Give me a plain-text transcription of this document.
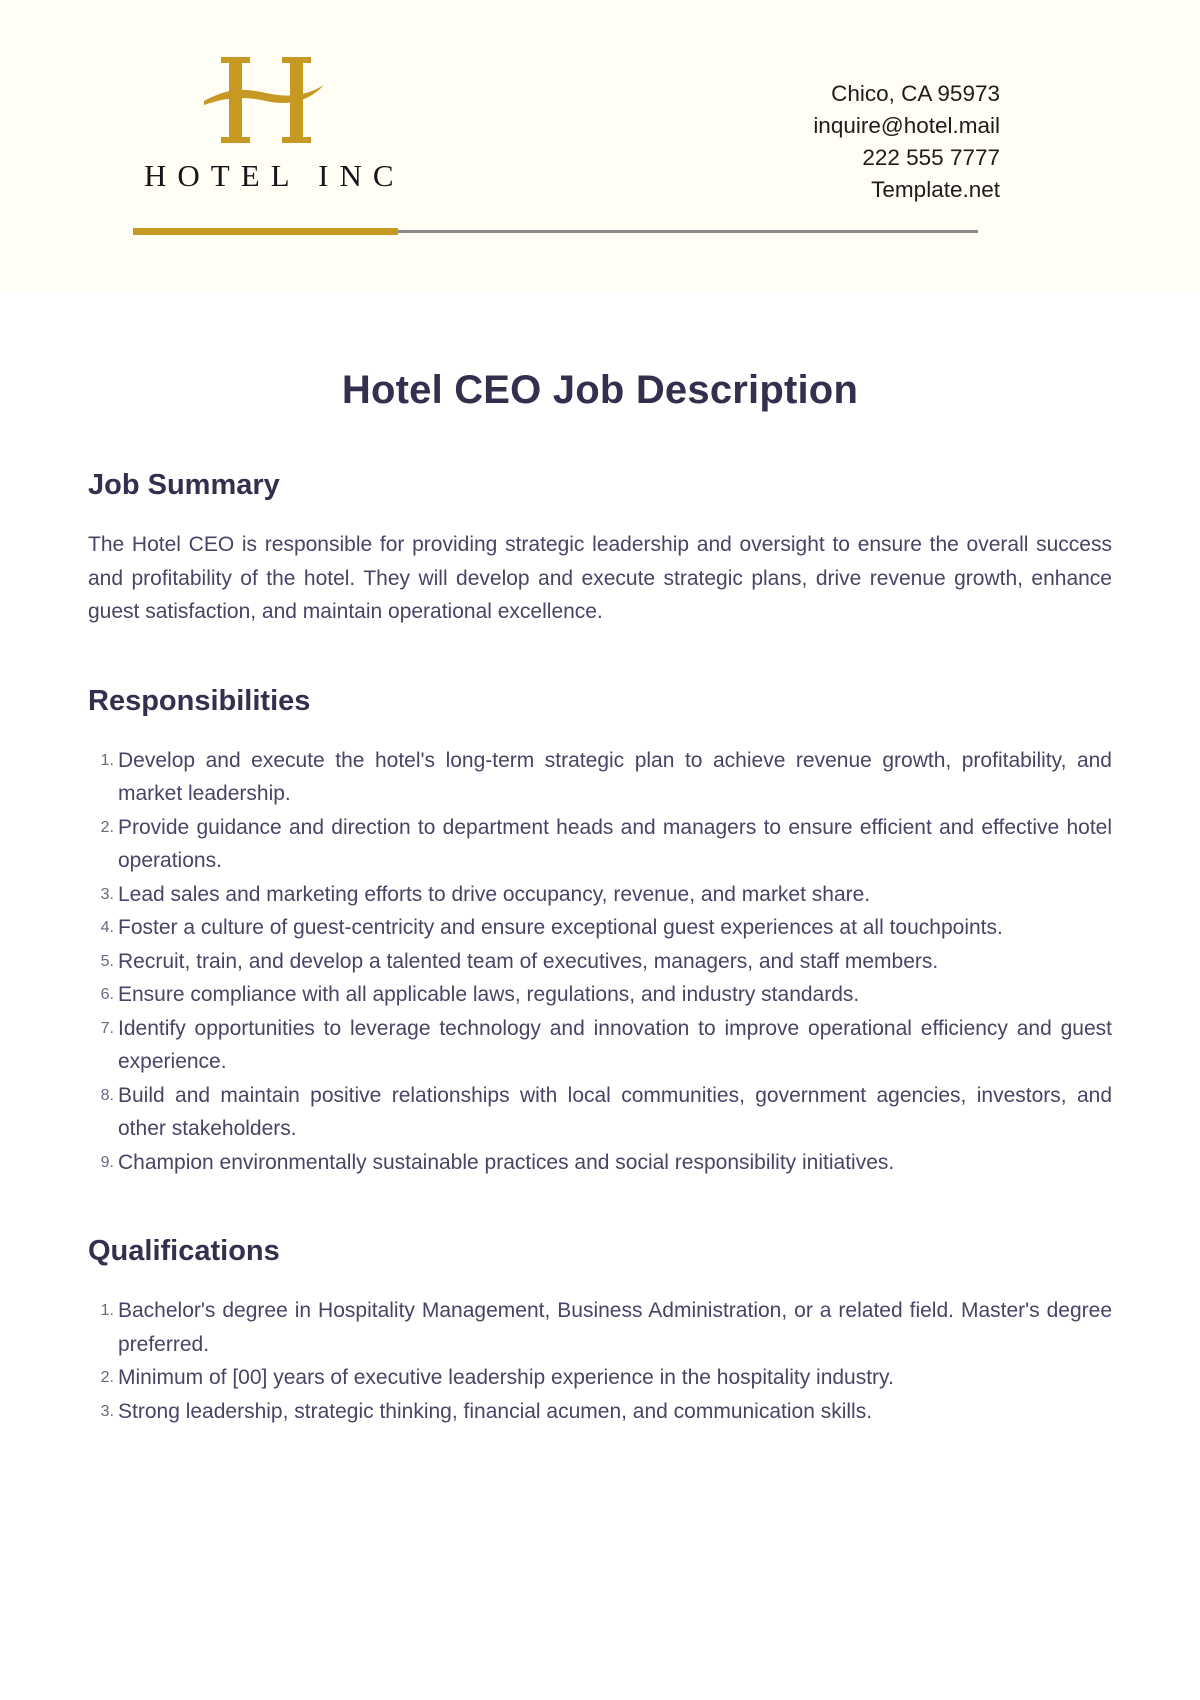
HOTEL INC
Chico, CA 95973
inquire@hotel.mail
222 555 7777
Template.net
Hotel CEO Job Description
Job Summary

The Hotel CEO is responsible for providing strategic leadership and oversight to ensure the overall success and profitability of the hotel. They will develop and execute strategic plans, drive revenue growth, enhance guest satisfaction, and maintain operational excellence.

Responsibilities
Develop and execute the hotel's long-term strategic plan to achieve revenue growth, profitability, and market leadership.
Provide guidance and direction to department heads and managers to ensure efficient and effective hotel operations.
Lead sales and marketing efforts to drive occupancy, revenue, and market share.
Foster a culture of guest-centricity and ensure exceptional guest experiences at all touchpoints.
Recruit, train, and develop a talented team of executives, managers, and staff members.
Ensure compliance with all applicable laws, regulations, and industry standards.
Identify opportunities to leverage technology and innovation to improve operational efficiency and guest experience.
Build and maintain positive relationships with local communities, government agencies, investors, and other stakeholders.
Champion environmentally sustainable practices and social responsibility initiatives.
Qualifications
Bachelor's degree in Hospitality Management, Business Administration, or a related field. Master's degree preferred.
Minimum of [00] years of executive leadership experience in the hospitality industry.
Strong leadership, strategic thinking, financial acumen, and communication skills.
